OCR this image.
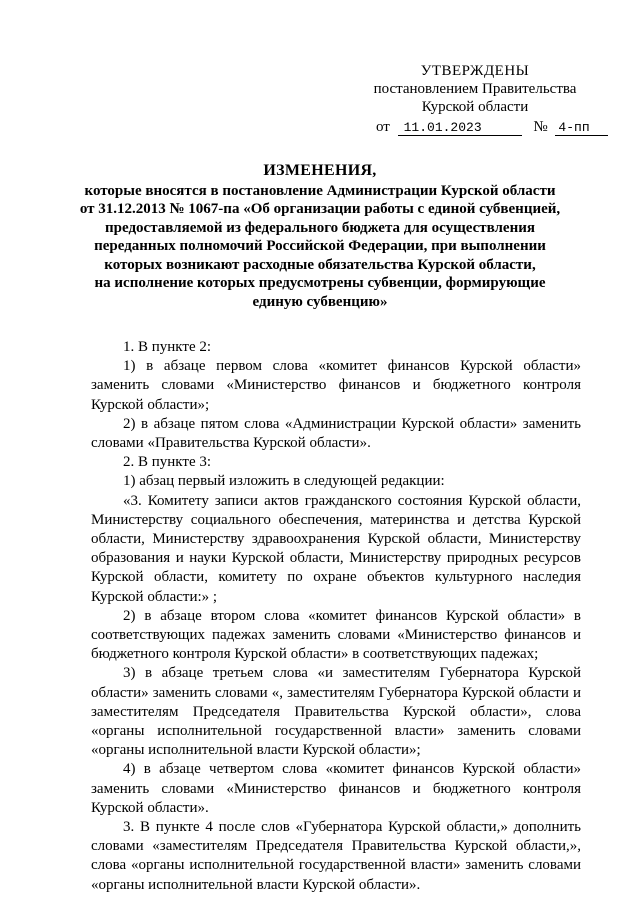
УТВЕРЖДЕНЫ
постановлением Правительства
Курской области
от 11.01.2023	№ 4-пп
ИЗМЕНЕНИЯ,
которые вносятся в постановление Администрации Курской области
от 31.12.2013 № 1067-па «Об организации работы с единой субвенцией,
предоставляемой из федерального бюджета для осуществления
переданных полномочий Российской Федерации, при выполнении
которых возникают расходные обязательства Курской области,
на исполнение которых предусмотрены субвенции, формирующие
единую субвенцию»

1. В пункте 2:

1) в абзаце первом слова «комитет финансов Курской области» заменить словами «Министерство финансов и бюджетного контроля Курской области»;

2) в абзаце пятом слова «Администрации Курской области» заменить словами «Правительства Курской области».

2. В пункте 3:

1) абзац первый изложить в следующей редакции:

«3. Комитету записи актов гражданского состояния Курской области, Министерству социального обеспечения, материнства и детства Курской области, Министерству здравоохранения Курской области, Министерству образования и науки Курской области, Министерству природных ресурсов Курской области, комитету по охране объектов культурного наследия Курской области:» ;

2) в абзаце втором слова «комитет финансов Курской области» в соответствующих падежах заменить словами «Министерство финансов и бюджетного контроля Курской области» в соответствующих падежах;

3) в абзаце третьем слова «и заместителям Губернатора Курской области» заменить словами «, заместителям Губернатора Курской области и заместителям Председателя Правительства Курской области», слова «органы исполнительной государственной власти» заменить словами «органы исполнительной власти Курской области»;

4) в абзаце четвертом слова «комитет финансов Курской области» заменить словами «Министерство финансов и бюджетного контроля Курской области».

3. В пункте 4 после слов «Губернатора Курской области,» дополнить словами «заместителям Председателя Правительства Курской области,», слова «органы исполнительной государственной власти» заменить словами «органы исполнительной власти Курской области».
